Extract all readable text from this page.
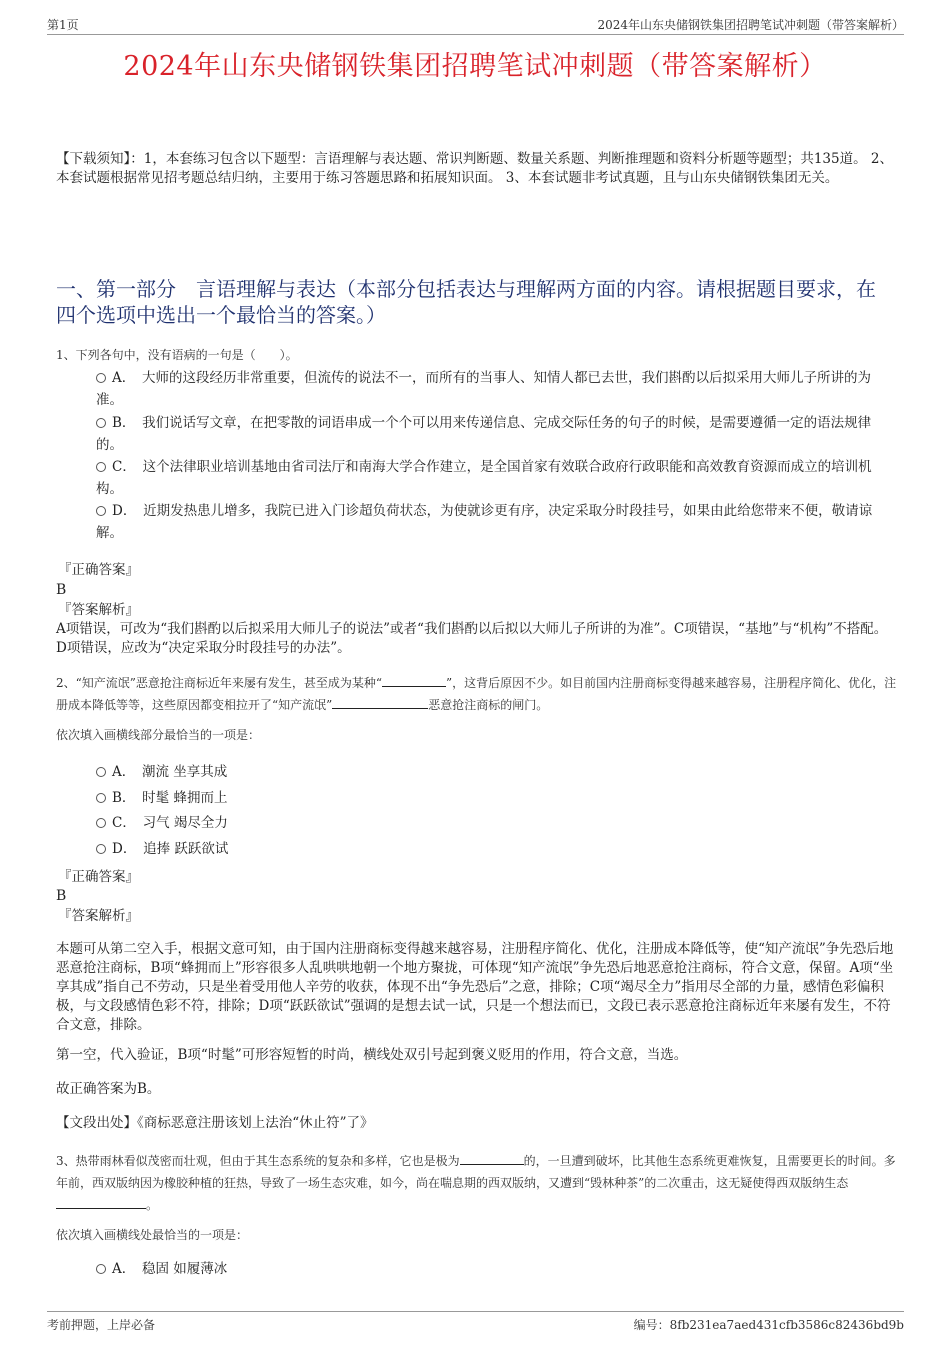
第1页	2024年山东央储钢铁集团招聘笔试冲刺题（带答案解析）
2024年山东央储钢铁集团招聘笔试冲刺题（带答案解析）
【下载须知】：1，本套练习包含以下题型：言语理解与表达题、常识判断题、数量关系题、判断推理题和资料分析题等题型；共135道。 2、本套试题根据常见招考题总结归纳，主要用于练习答题思路和拓展知识面。 3、本套试题非考试真题，且与山东央储钢铁集团无关。
一、第一部分　言语理解与表达（本部分包括表达与理解两方面的内容。请根据题目要求，在四个选项中选出一个最恰当的答案。）
1、下列各句中，没有语病的一句是（　　）。
A．　大师的这段经历非常重要，但流传的说法不一，而所有的当事人、知情人都已去世，我们斟酌以后拟采用大师儿子所讲的为准。
B．　我们说话写文章，在把零散的词语串成一个个可以用来传递信息、完成交际任务的句子的时候，是需要遵循一定的语法规律的。
C．　这个法律职业培训基地由省司法厅和南海大学合作建立，是全国首家有效联合政府行政职能和高效教育资源而成立的培训机构。
D．　近期发热患儿增多，我院已进入门诊超负荷状态，为使就诊更有序，决定采取分时段挂号，如果由此给您带来不便，敬请谅解。
『正确答案』
B
『答案解析』
A项错误，可改为“我们斟酌以后拟采用大师儿子的说法”或者“我们斟酌以后拟以大师儿子所讲的为准”。C项错误，“基地”与“机构”不搭配。D项错误，应改为“决定采取分时段挂号的办法”。
2、“知产流氓”恶意抢注商标近年来屡有发生，甚至成为某种“	”，这背后原因不少。如目前国内注册商标变得越来越容易，注册程序简化、优化，注册成本降低等等，这些原因都变相拉开了“知产流氓”	恶意抢注商标的闸门。
依次填入画横线部分最恰当的一项是：
A．　潮流 坐享其成
B．　时髦 蜂拥而上
C．　习气 竭尽全力
D．　追捧 跃跃欲试
『正确答案』
B
『答案解析』
本题可从第二空入手，根据文意可知，由于国内注册商标变得越来越容易，注册程序简化、优化，注册成本降低等，使“知产流氓”争先恐后地恶意抢注商标，B项“蜂拥而上”形容很多人乱哄哄地朝一个地方聚拢，可体现“知产流氓”争先恐后地恶意抢注商标，符合文意，保留。A项“坐享其成”指自己不劳动，只是坐着受用他人辛劳的收获，体现不出“争先恐后”之意，排除；C项“竭尽全力”指用尽全部的力量，感情色彩偏积极，与文段感情色彩不符，排除；D项“跃跃欲试”强调的是想去试一试，只是一个想法而已，文段已表示恶意抢注商标近年来屡有发生，不符合文意，排除。
第一空，代入验证，B项“时髦”可形容短暂的时尚，横线处双引号起到褒义贬用的作用，符合文意，当选。
故正确答案为B。
【文段出处】《商标恶意注册该划上法治“休止符”了》
3、热带雨林看似茂密而壮观，但由于其生态系统的复杂和多样，它也是极为	的，一旦遭到破坏，比其他生态系统更难恢复，且需要更长的时间。多年前，西双版纳因为橡胶种植的狂热，导致了一场生态灾难，如今，尚在喘息期的西双版纳，又遭到“毁林种茶”的二次重击，这无疑使得西双版纳生态。
依次填入画横线处最恰当的一项是：
A．　稳固 如履薄冰
考前押题，上岸必备	编号：8fb231ea7aed431cfb3586c82436bd9b
